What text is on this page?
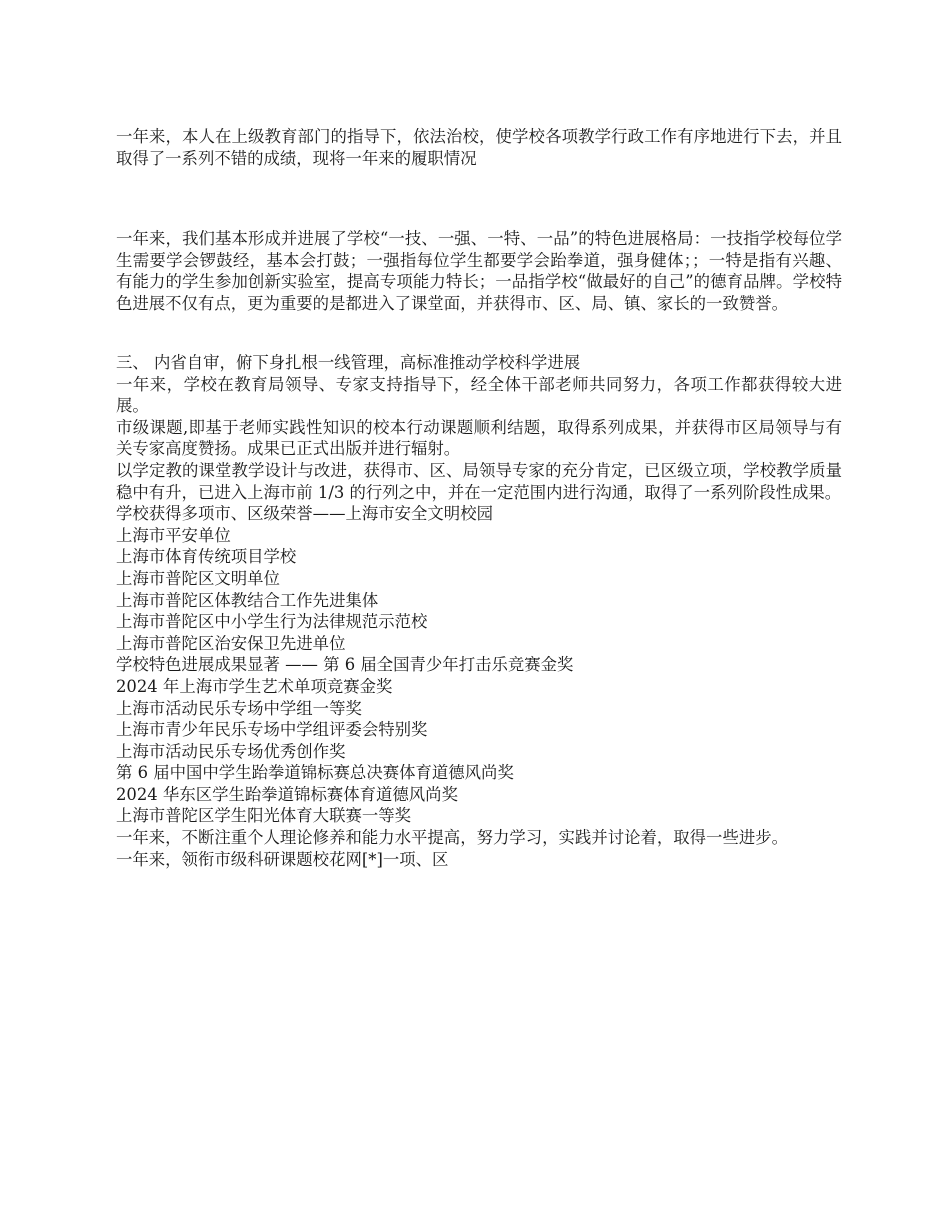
一年来，本人在上级教育部门的指导下，依法治校，使学校各项教学行政工作有序地进行下去，并且取得了一系列不错的成绩，现将一年来的履职情况

一年来，我们基本形成并进展了学校“一技、一强、一特、一品”的特色进展格局：一技指学校每位学生需要学会锣鼓经，基本会打鼓；一强指每位学生都要学会跆拳道，强身健体；；一特是指有兴趣、有能力的学生参加创新实验室，提高专项能力特长；一品指学校“做最好的自己”的德育品牌。学校特色进展不仅有点，更为重要的是都进入了课堂面，并获得市、区、局、镇、家长的一致赞誉。

三、 内省自审，俯下身扎根一线管理，高标准推动学校科学进展

一年来，学校在教育局领导、专家支持指导下，经全体干部老师共同努力，各项工作都获得较大进展。

市级课题,即基于老师实践性知识的校本行动课题顺利结题，取得系列成果，并获得市区局领导与有关专家高度赞扬。成果已正式出版并进行辐射。

以学定教的课堂教学设计与改进，获得市、区、局领导专家的充分肯定，已区级立项，学校教学质量稳中有升，已进入上海市前 1/3 的行列之中，并在一定范围内进行沟通，取得了一系列阶段性成果。

学校获得多项市、区级荣誉——上海市安全文明校园

上海市平安单位

上海市体育传统项目学校

上海市普陀区文明单位

上海市普陀区体教结合工作先进集体

上海市普陀区中小学生行为法律规范示范校

上海市普陀区治安保卫先进单位

学校特色进展成果显著 —— 第 6 届全国青少年打击乐竞赛金奖

2024 年上海市学生艺术单项竞赛金奖

上海市活动民乐专场中学组一等奖

上海市青少年民乐专场中学组评委会特别奖

上海市活动民乐专场优秀创作奖

第 6 届中国中学生跆拳道锦标赛总决赛体育道德风尚奖

2024 华东区学生跆拳道锦标赛体育道德风尚奖

上海市普陀区学生阳光体育大联赛一等奖

一年来，不断注重个人理论修养和能力水平提高，努力学习，实践并讨论着，取得一些进步。

一年来，领衔市级科研课题校花网[*]一项、区
